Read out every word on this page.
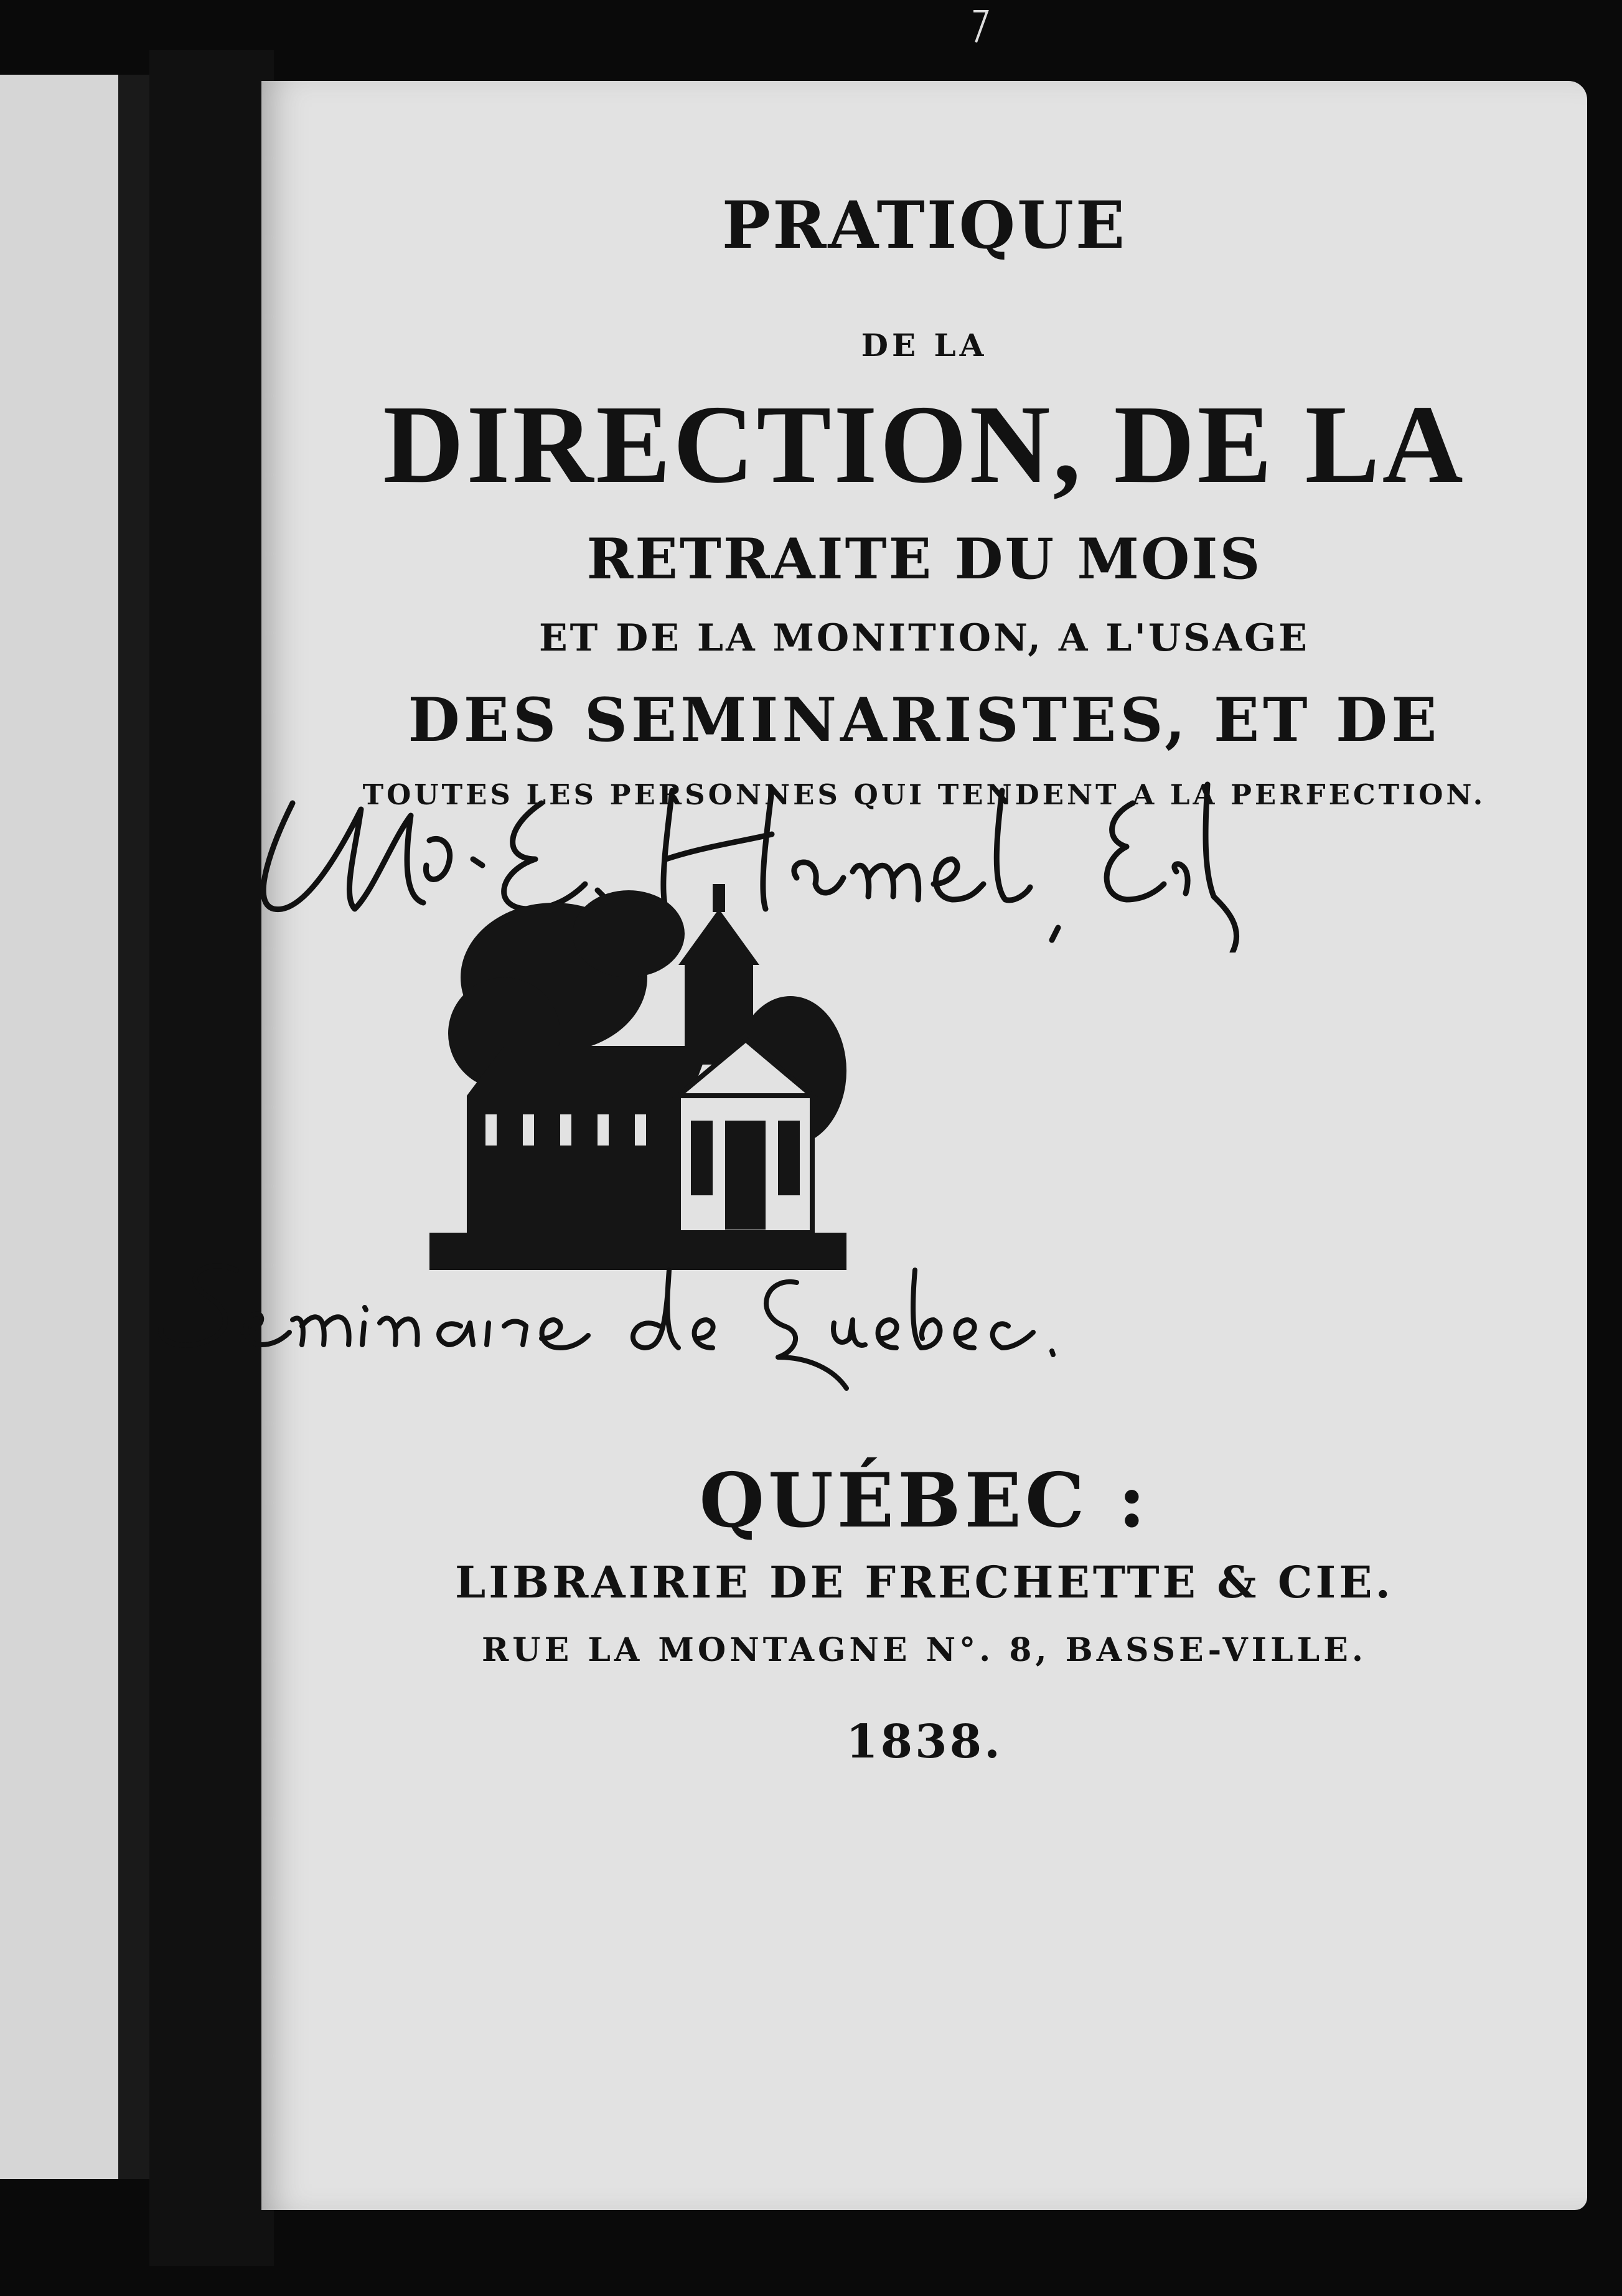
PRATIQUE
DE LA
DIRECTION, DE LA
RETRAITE DU MOIS
ET DE LA MONITION, A L'USAGE
DES SEMINARISTES, ET DE
TOUTES LES PERSONNES QUI TENDENT A LA PERFECTION.
QUÉBEC :
LIBRAIRIE DE FRECHETTE & CIE.
RUE LA MONTAGNE N°. 8, BASSE-VILLE.
1838.
